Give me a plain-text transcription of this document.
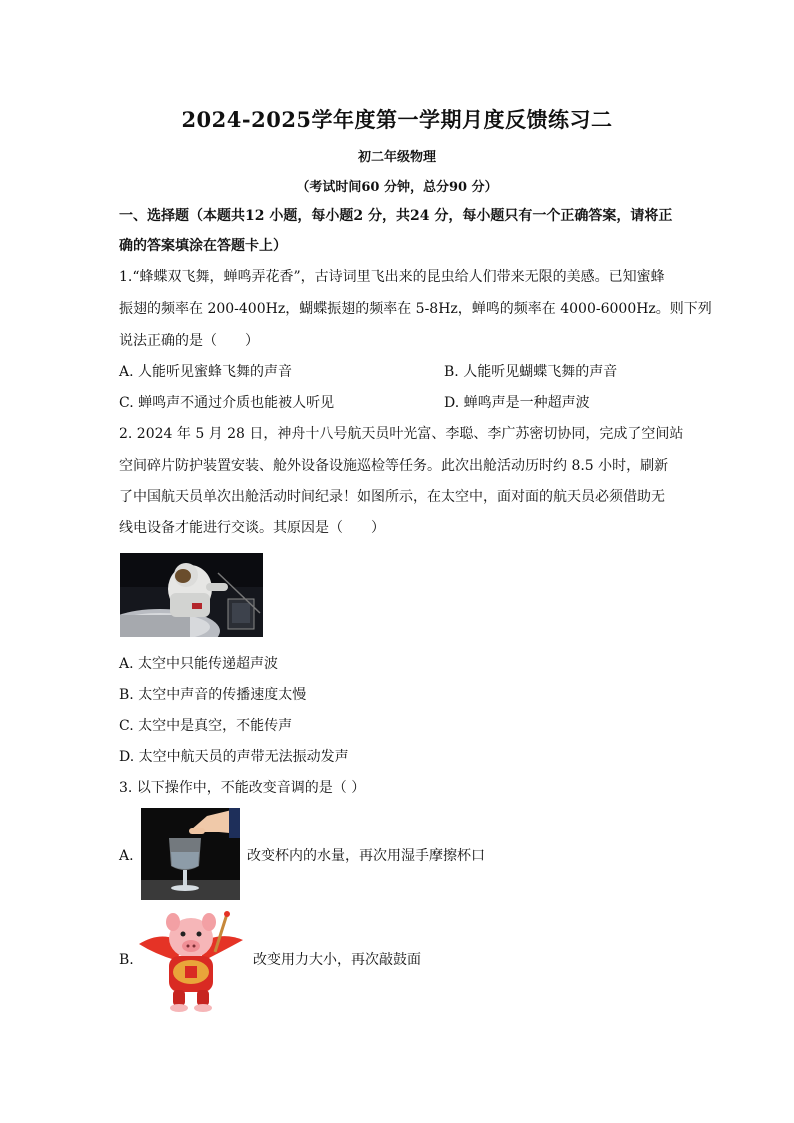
2024-2025学年度第一学期月度反馈练习二
初二年级物理
（考试时间60 分钟，总分90 分）
一、选择题（本题共12 小题，每小题2 分，共24 分，每小题只有一个正确答案，请将正
确的答案填涂在答题卡上）
1.“蜂蝶双飞舞，蝉鸣弄花香”，古诗词里飞出来的昆虫给人们带来无限的美感。已知蜜蜂
振翅的频率在 200-400Hz，蝴蝶振翅的频率在 5-8Hz，蝉鸣的频率在 4000-6000Hz。则下列
说法正确的是（　　）
A. 人能听见蜜蜂飞舞的声音	B. 人能听见蝴蝶飞舞的声音
C. 蝉鸣声不通过介质也能被人听见	D. 蝉鸣声是一种超声波
2. 2024 年 5 月 28 日，神舟十八号航天员叶光富、李聪、李广苏密切协同，完成了空间站
空间碎片防护装置安装、舱外设备设施巡检等任务。此次出舱活动历时约 8.5 小时，刷新
了中国航天员单次出舱活动时间纪录！如图所示，在太空中，面对面的航天员必须借助无
线电设备才能进行交谈。其原因是（　　）
A. 太空中只能传递超声波
B. 太空中声音的传播速度太慢
C. 太空中是真空，不能传声
D. 太空中航天员的声带无法振动发声
3. 以下操作中，不能改变音调的是（ ）
A.	改变杯内的水量，再次用湿手摩擦杯口
B.	改变用力大小，再次敲鼓面
